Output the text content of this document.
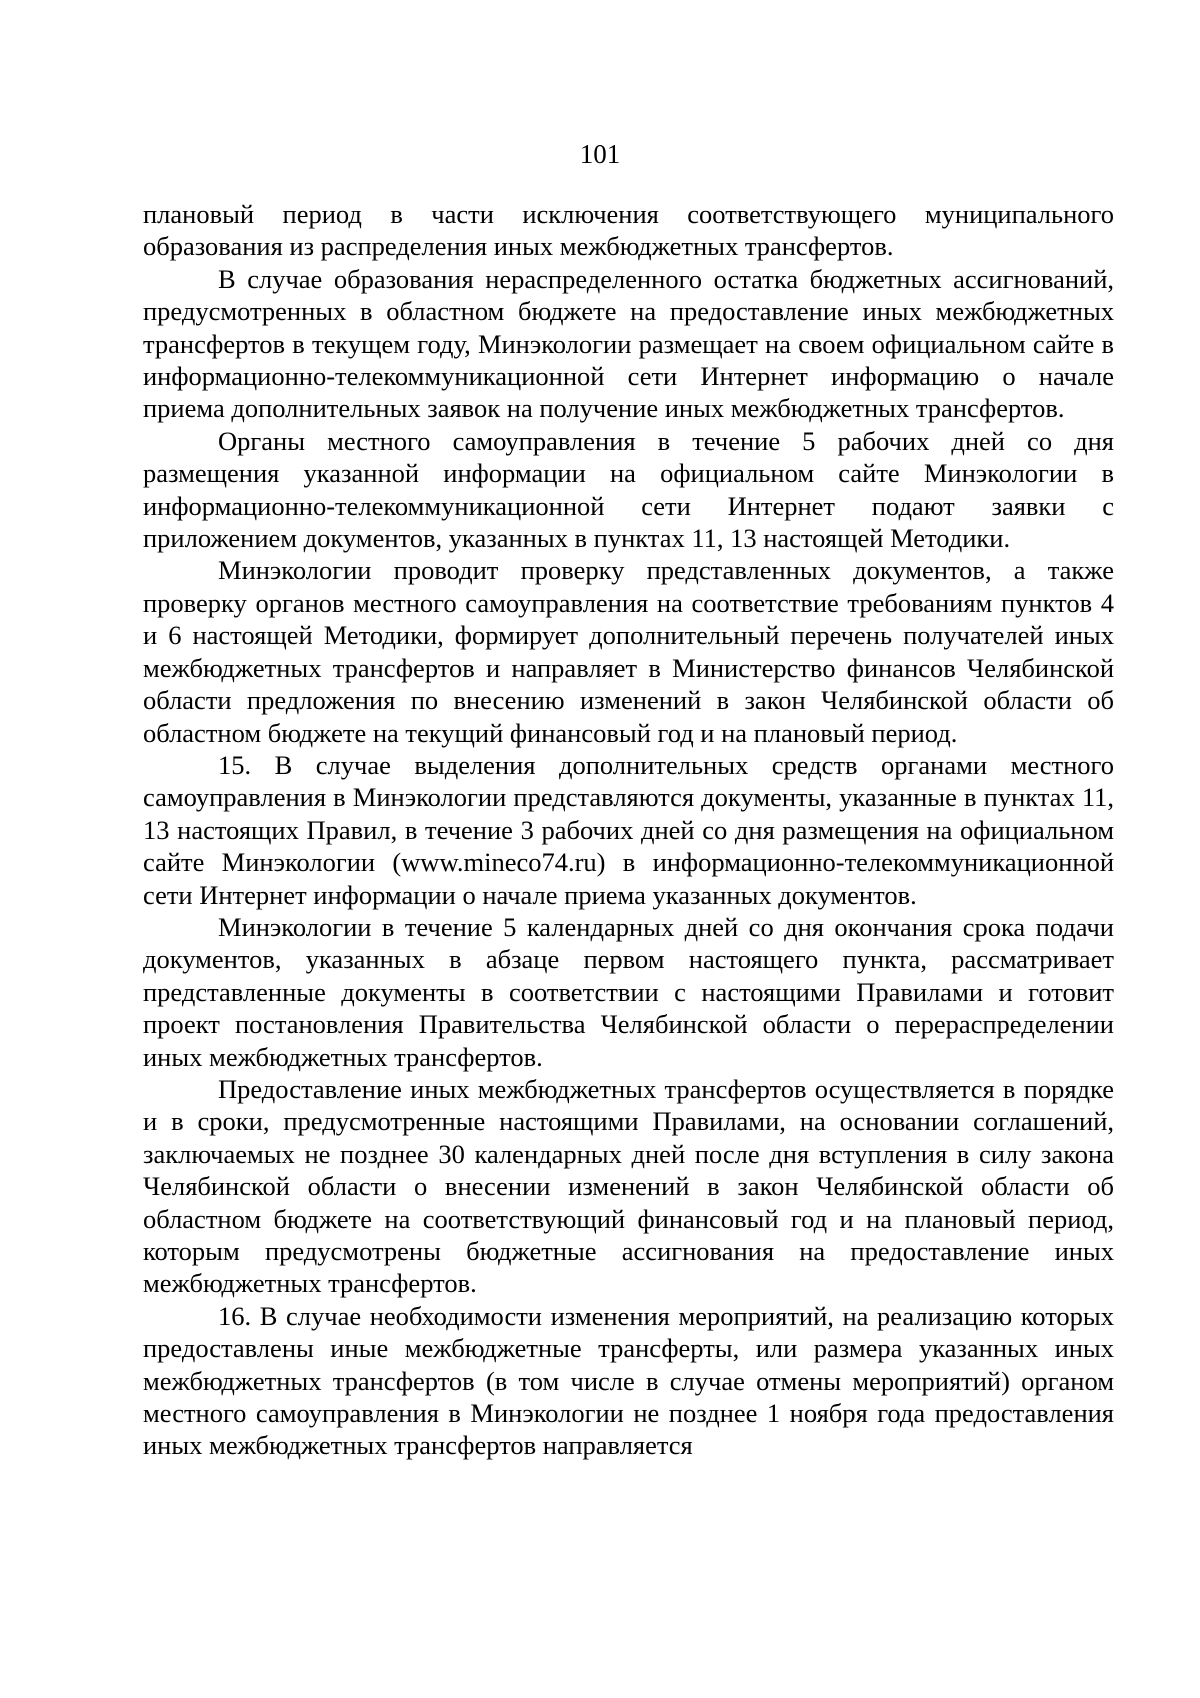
101

плановый период в части исключения соответствующего муниципального образования из распределения иных межбюджетных трансфертов.

В случае образования нераспределенного остатка бюджетных ассигнований, предусмотренных в областном бюджете на предоставление иных межбюджетных трансфертов в текущем году, Минэкологии размещает на своем официальном сайте в информационно-телекоммуникационной сети Интернет информацию о начале приема дополнительных заявок на получение иных межбюджетных трансфертов.

Органы местного самоуправления в течение 5 рабочих дней со дня размещения указанной информации на официальном сайте Минэкологии в информационно-телекоммуникационной сети Интернет подают заявки с приложением документов, указанных в пунктах 11, 13 настоящей Методики.

Минэкологии проводит проверку представленных документов, а также проверку органов местного самоуправления на соответствие требованиям пунктов 4 и 6 настоящей Методики, формирует дополнительный перечень получателей иных межбюджетных трансфертов и направляет в Министерство финансов Челябинской области предложения по внесению изменений в закон Челябинской области об областном бюджете на текущий финансовый год и на плановый период.

15. В случае выделения дополнительных средств органами местного самоуправления в Минэкологии представляются документы, указанные в пунктах 11, 13 настоящих Правил, в течение 3 рабочих дней со дня размещения на официальном сайте Минэкологии (www.mineco74.ru) в информационно-телекоммуникационной сети Интернет информации о начале приема указанных документов.

Минэкологии в течение 5 календарных дней со дня окончания срока подачи документов, указанных в абзаце первом настоящего пункта, рассматривает представленные документы в соответствии с настоящими Правилами и готовит проект постановления Правительства Челябинской области о перераспределении иных межбюджетных трансфертов.

Предоставление иных межбюджетных трансфертов осуществляется в порядке и в сроки, предусмотренные настоящими Правилами, на основании соглашений, заключаемых не позднее 30 календарных дней после дня вступления в силу закона Челябинской области о внесении изменений в закон Челябинской области об областном бюджете на соответствующий финансовый год и на плановый период, которым предусмотрены бюджетные ассигнования на предоставление иных межбюджетных трансфертов.

16. В случае необходимости изменения мероприятий, на реализацию которых предоставлены иные межбюджетные трансферты, или размера указанных иных межбюджетных трансфертов (в том числе в случае отмены мероприятий) органом местного самоуправления в Минэкологии не позднее 1 ноября года предоставления иных межбюджетных трансфертов направляется
